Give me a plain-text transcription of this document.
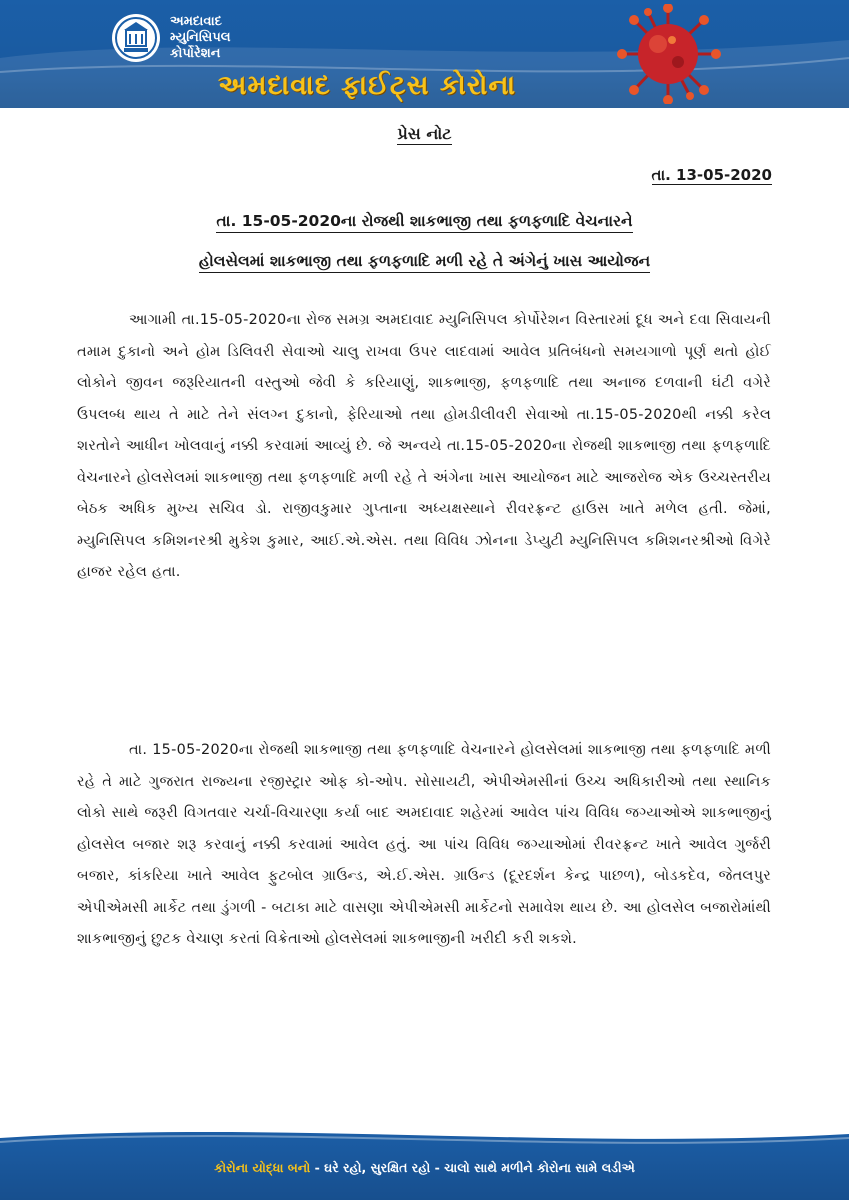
અમદાવાદ
મ્યુનિસિપલ
કોર્પોરેશન
અમદાવાદ ફાઈટ્સ કોરોના
પ્રેસ નોટ
તા. 13-05-2020
તા. 15-05-2020ના રોજથી શાકભાજી તથા ફળફળાદિ વેચનારને
હોલસેલમાં શાકભાજી તથા ફળફળાદિ મળી રહે તે અંગેનું ખાસ આયોજન
આગામી તા.15-05-2020ના રોજ સમગ્ર અમદાવાદ મ્યુનિસિપલ કોર્પોરેશન વિસ્તારમાં દૂધ અને દવા સિવાયની તમામ દુકાનો અને હોમ ડિલિવરી સેવાઓ ચાલુ રાખવા ઉપર લાદવામાં આવેલ પ્રતિબંધનો સમયગાળો પૂર્ણ થતો હોઈ લોકોને જીવન જરૂરિયાતની વસ્તુઓ જેવી કે કરિયાણું, શાકભાજી, ફળફળાદિ તથા અનાજ દળવાની ઘંટી વગેરે ઉપલબ્ધ થાય તે માટે તેને સંલગ્ન દુકાનો, ફેરિયાઓ તથા હોમડીલીવરી સેવાઓ તા.15-05-2020થી નક્કી કરેલ શરતોને આધીન ખોલવાનું નક્કી કરવામાં આવ્યું છે. જે અન્વયે તા.15-05-2020ના રોજથી શાકભાજી તથા ફળફળાદિ વેચનારને હોલસેલમાં શાકભાજી તથા ફળફળાદિ મળી રહે તે અંગેના ખાસ આયોજન માટે આજરોજ એક ઉચ્ચસ્તરીય બેઠક અધિક મુખ્ય સચિવ ડો. રાજીવકુમાર ગુપ્તાના અધ્યક્ષસ્થાને રીવરફ્રન્ટ હાઉસ ખાતે મળેલ હતી. જેમાં, મ્યુનિસિપલ કમિશનરશ્રી મુકેશ કુમાર, આઈ.એ.એસ. તથા વિવિધ ઝોનના ડેપ્યુટી મ્યુનિસિપલ કમિશનરશ્રીઓ વિગેરે હાજર રહેલ હતા.
તા. 15-05-2020ના રોજથી શાકભાજી તથા ફળફળાદિ વેચનારને હોલસેલમાં શાકભાજી તથા ફળફળાદિ મળી રહે તે માટે ગુજરાત રાજ્યના રજીસ્ટ્રાર ઓફ કો-ઓપ. સોસાયટી, એપીએમસીનાં ઉચ્ચ અધિકારીઓ તથા સ્થાનિક લોકો સાથે જરૂરી વિગતવાર ચર્ચા-વિચારણા કર્યા બાદ અમદાવાદ શહેરમાં આવેલ પાંચ વિવિધ જગ્યાઓએ શાકભાજીનું હોલસેલ બજાર શરૂ કરવાનું નક્કી કરવામાં આવેલ હતું. આ પાંચ વિવિધ જગ્યાઓમાં રીવરફ્રન્ટ ખાતે આવેલ ગુર્જરી બજાર, કાંકરિયા ખાતે આવેલ ફુટબોલ ગ્રાઉન્ડ, એ.ઈ.એસ. ગ્રાઉન્ડ (દૂરદર્શન કેન્દ્ર પાછળ), બોડકદેવ, જેતલપુર એપીએમસી માર્કેટ તથા ડુંગળી - બટાકા માટે વાસણા એપીએમસી માર્કેટનો સમાવેશ થાય છે. આ હોલસેલ બજારોમાંથી શાકભાજીનું છુટક વેચાણ કરતાં વિક્રેતાઓ હોલસેલમાં શાકભાજીની ખરીદી કરી શકશે.
કોરોના યોદ્ધા બનો - ઘરે રહો, સુરક્ષિત રહો - ચાલો સાથે મળીને કોરોના સામે લડીએ
